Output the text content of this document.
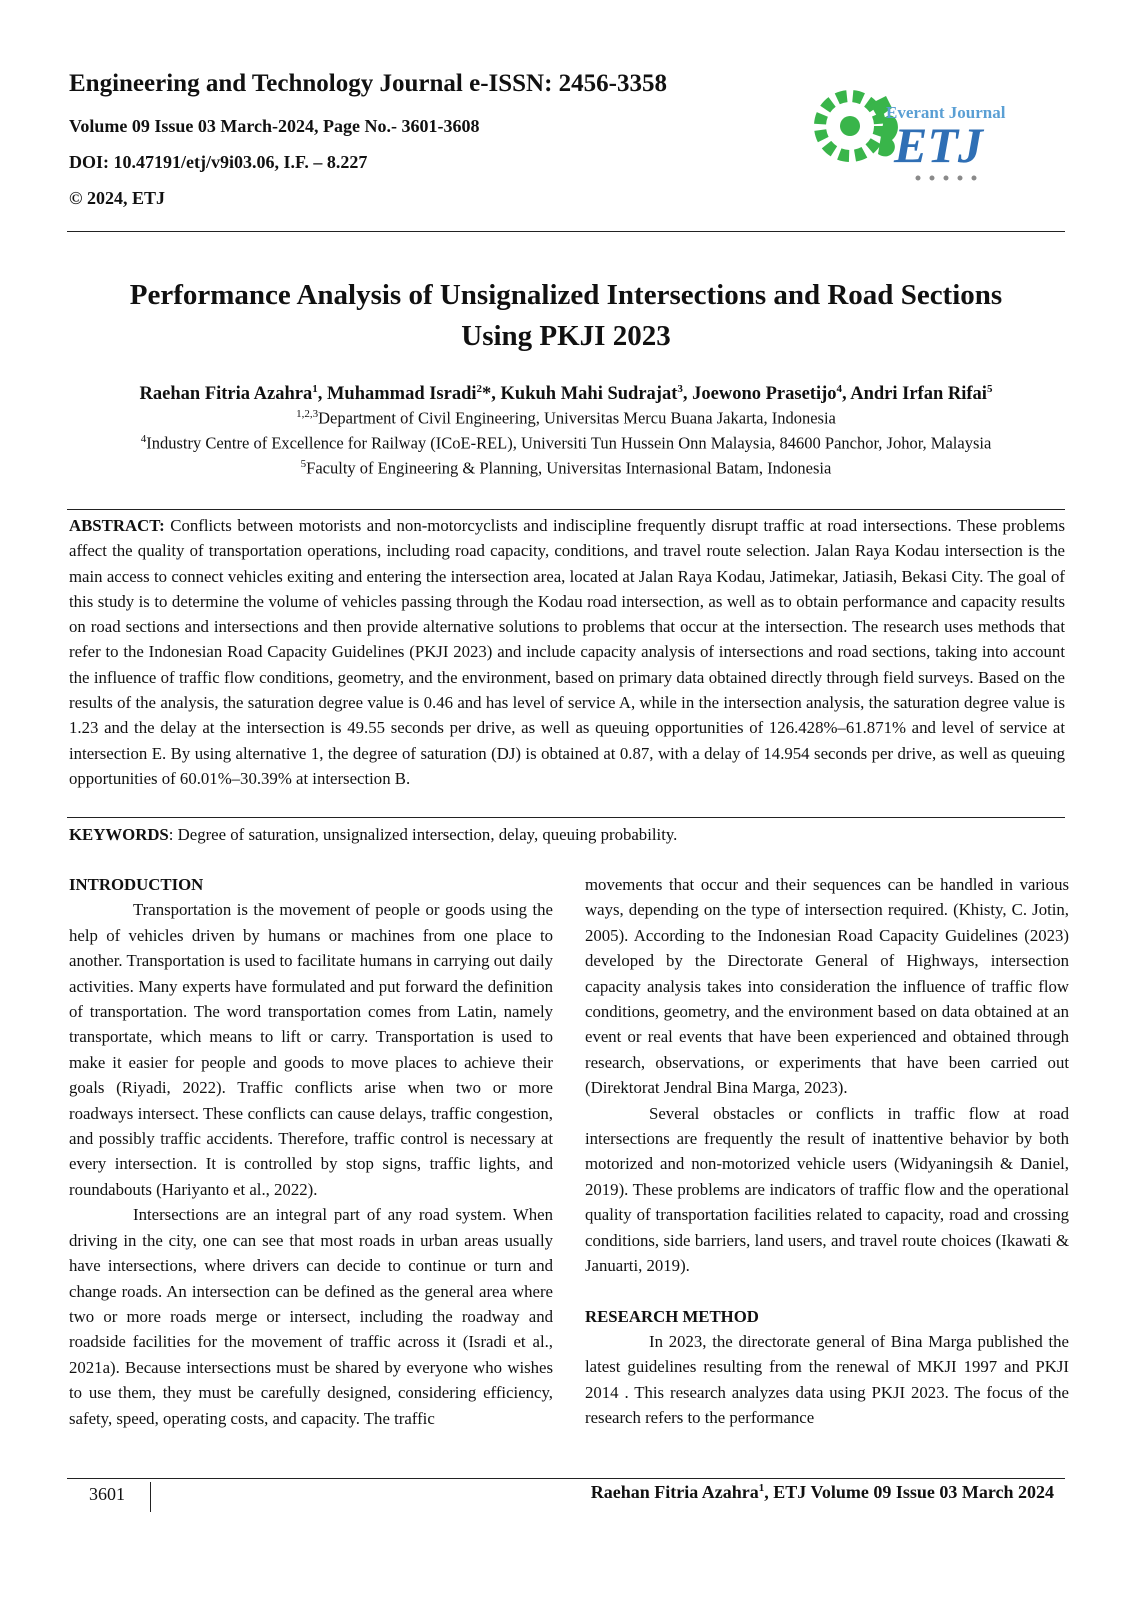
Engineering and Technology Journal e-ISSN: 2456-3358
Volume 09 Issue 03 March-2024, Page No.- 3601-3608
DOI: 10.47191/etj/v9i03.06, I.F. – 8.227
© 2024, ETJ
Everant Journal
ETJ
Performance Analysis of Unsignalized Intersections and Road Sections
Using PKJI 2023
Raehan Fitria Azahra$^1$, Muhammad Isradi$^2$*, Kukuh Mahi Sudrajat$^3$, Joewono Prasetijo$^4$, Andri Irfan Rifai$^5$
$^{1,2,3}$Department of Civil Engineering, Universitas Mercu Buana Jakarta, Indonesia
$^4$Industry Centre of Excellence for Railway (ICoE-REL), Universiti Tun Hussein Onn Malaysia, 84600 Panchor, Johor, Malaysia
$^5$Faculty of Engineering & Planning, Universitas Internasional Batam, Indonesia
ABSTRACT: Conflicts between motorists and non-motorcyclists and indiscipline frequently disrupt traffic at road intersections. These problems affect the quality of transportation operations, including road capacity, conditions, and travel route selection. Jalan Raya Kodau intersection is the main access to connect vehicles exiting and entering the intersection area, located at Jalan Raya Kodau, Jatimekar, Jatiasih, Bekasi City. The goal of this study is to determine the volume of vehicles passing through the Kodau road intersection, as well as to obtain performance and capacity results on road sections and intersections and then provide alternative solutions to problems that occur at the intersection. The research uses methods that refer to the Indonesian Road Capacity Guidelines (PKJI 2023) and include capacity analysis of intersections and road sections, taking into account the influence of traffic flow conditions, geometry, and the environment, based on primary data obtained directly through field surveys. Based on the results of the analysis, the saturation degree value is 0.46 and has level of service A, while in the intersection analysis, the saturation degree value is 1.23 and the delay at the intersection is 49.55 seconds per drive, as well as queuing opportunities of 126.428%–61.871% and level of service at intersection E. By using alternative 1, the degree of saturation (DJ) is obtained at 0.87, with a delay of 14.954 seconds per drive, as well as queuing opportunities of 60.01%–30.39% at intersection B.
KEYWORDS: Degree of saturation, unsignalized intersection, delay, queuing probability.

INTRODUCTION

Transportation is the movement of people or goods using the help of vehicles driven by humans or machines from one place to another. Transportation is used to facilitate humans in carrying out daily activities. Many experts have formulated and put forward the definition of transportation. The word transportation comes from Latin, namely transportate, which means to lift or carry. Transportation is used to make it easier for people and goods to move places to achieve their goals (Riyadi, 2022). Traffic conflicts arise when two or more roadways intersect. These conflicts can cause delays, traffic congestion, and possibly traffic accidents. Therefore, traffic control is necessary at every intersection. It is controlled by stop signs, traffic lights, and roundabouts (Hariyanto et al., 2022).

Intersections are an integral part of any road system. When driving in the city, one can see that most roads in urban areas usually have intersections, where drivers can decide to continue or turn and change roads. An intersection can be defined as the general area where two or more roads merge or intersect, including the roadway and roadside facilities for the movement of traffic across it (Isradi et al., 2021a). Because intersections must be shared by everyone who wishes to use them, they must be carefully designed, considering efficiency, safety, speed, operating costs, and capacity. The traffic

movements that occur and their sequences can be handled in various ways, depending on the type of intersection required. (Khisty, C. Jotin, 2005). According to the Indonesian Road Capacity Guidelines (2023) developed by the Directorate General of Highways, intersection capacity analysis takes into consideration the influence of traffic flow conditions, geometry, and the environment based on data obtained at an event or real events that have been experienced and obtained through research, observations, or experiments that have been carried out (Direktorat Jendral Bina Marga, 2023).

Several obstacles or conflicts in traffic flow at road intersections are frequently the result of inattentive behavior by both motorized and non-motorized vehicle users (Widyaningsih & Daniel, 2019). These problems are indicators of traffic flow and the operational quality of transportation facilities related to capacity, road and crossing conditions, side barriers, land users, and travel route choices (Ikawati & Januarti, 2019).

RESEARCH METHOD

In 2023, the directorate general of Bina Marga published the latest guidelines resulting from the renewal of MKJI 1997 and PKJI 2014 . This research analyzes data using PKJI 2023. The focus of the research refers to the performance

3601	Raehan Fitria Azahra$^1$, ETJ Volume 09 Issue 03 March 2024
